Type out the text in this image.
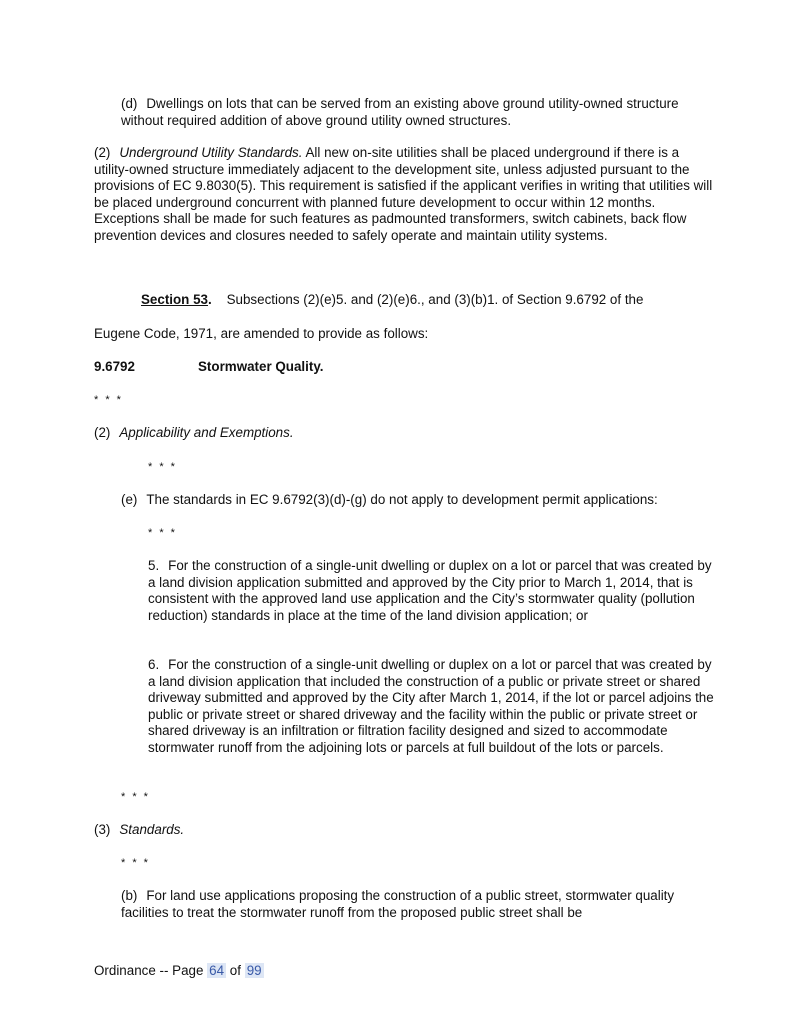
(d) Dwellings on lots that can be served from an existing above ground utility-owned structure without required addition of above ground utility owned structures.

(2) Underground Utility Standards. All new on-site utilities shall be placed underground if there is a utility-owned structure immediately adjacent to the development site, unless adjusted pursuant to the provisions of EC 9.8030(5). This requirement is satisfied if the applicant verifies in writing that utilities will be placed underground concurrent with planned future development to occur within 12 months. Exceptions shall be made for such features as padmounted transformers, switch cabinets, back flow prevention devices and closures needed to safely operate and maintain utility systems.

Section 53. Subsections (2)(e)5. and (2)(e)6., and (3)(b)1. of Section 9.6792 of the

Eugene Code, 1971, are amended to provide as follows:

9.6792	Stormwater Quality.

* * *

(2) Applicability and Exemptions.

* * *

(e) The standards in EC 9.6792(3)(d)-(g) do not apply to development permit applications:

* * *

5. For the construction of a single-unit dwelling or duplex on a lot or parcel that was created by a land division application submitted and approved by the City prior to March 1, 2014, that is consistent with the approved land use application and the City’s stormwater quality (pollution reduction) standards in place at the time of the land division application; or

6. For the construction of a single-unit dwelling or duplex on a lot or parcel that was created by a land division application that included the construction of a public or private street or shared driveway submitted and approved by the City after March 1, 2014, if the lot or parcel adjoins the public or private street or shared driveway and the facility within the public or private street or shared driveway is an infiltration or filtration facility designed and sized to accommodate stormwater runoff from the adjoining lots or parcels at full buildout of the lots or parcels.

* * *

(3) Standards.

* * *

(b) For land use applications proposing the construction of a public street, stormwater quality facilities to treat the stormwater runoff from the proposed public street shall be

Ordinance -- Page 64 of 99
